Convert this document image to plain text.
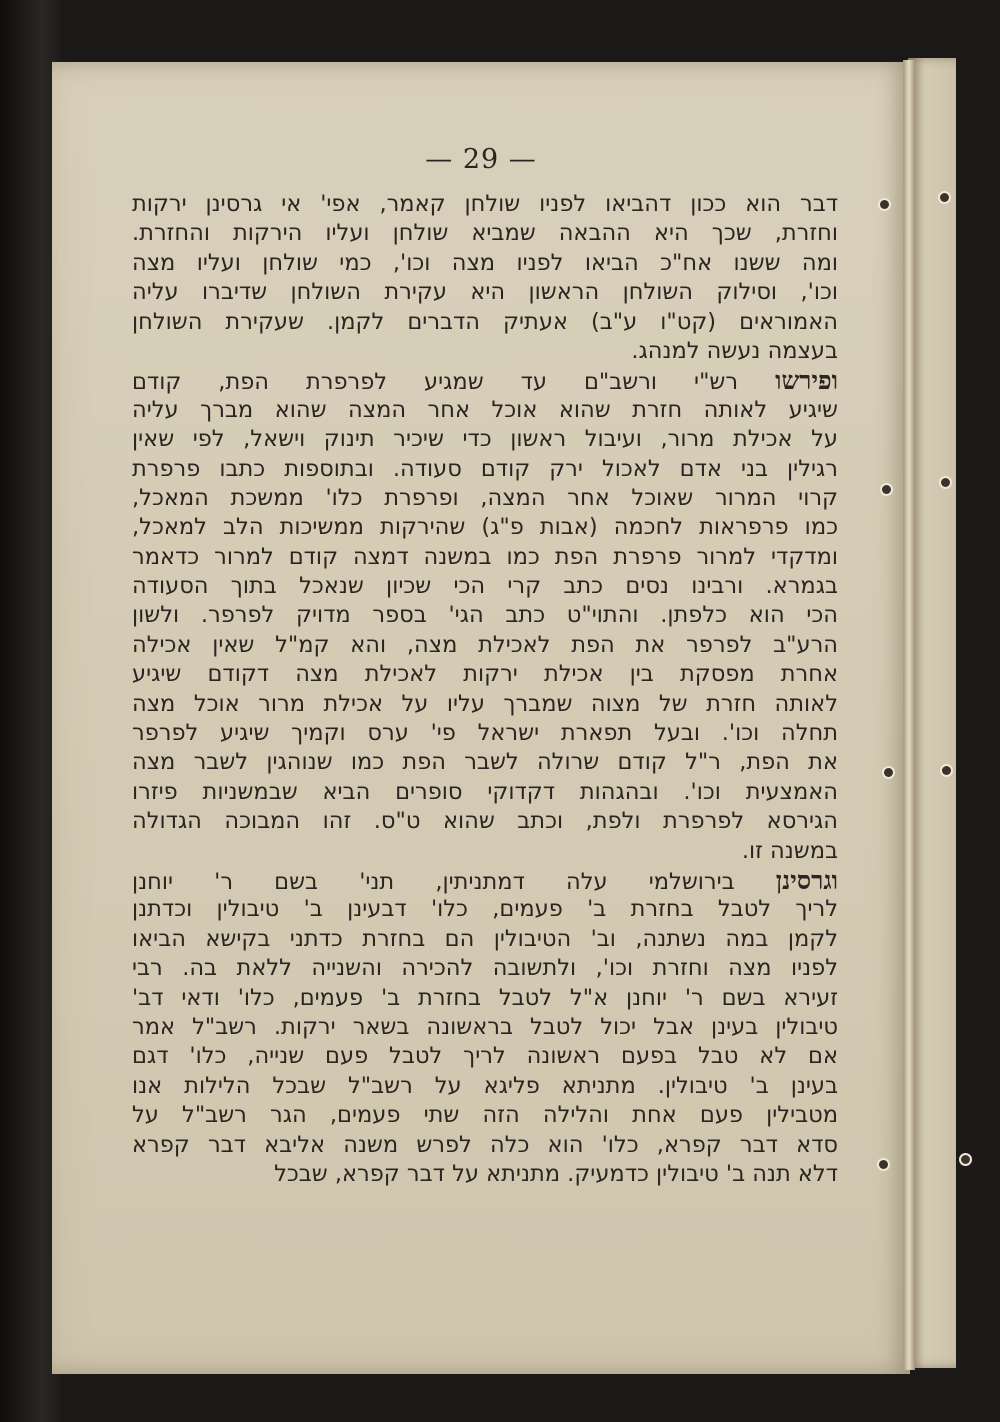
— 29 —
דבר הוא ככון דהביאו לפניו שולחן קאמר, אפי' אי גרסינן ירקות
וחזרת, שכך היא ההבאה שמביא שולחן ועליו הירקות והחזרת.
ומה ששנו אח"כ הביאו לפניו מצה וכו', כמי שולחן ועליו מצה
וכו', וסילוק השולחן הראשון היא עקירת השולחן שדיברו עליה
האמוראים (קט"ו ע"ב) אעתיק הדברים לקמן. שעקירת השולחן
בעצמה נעשה למנהג.
ופירשו רש"י ורשב"ם עד שמגיע לפרפרת הפת, קודם
שיגיע לאותה חזרת שהוא אוכל אחר המצה שהוא מברך עליה
על אכילת מרור, ועיבול ראשון כדי שיכיר תינוק וישאל, לפי שאין
רגילין בני אדם לאכול ירק קודם סעודה. ובתוספות כתבו פרפרת
קרוי המרור שאוכל אחר המצה, ופרפרת כלו' ממשכת המאכל,
כמו פרפראות לחכמה (אבות פ"ג) שהירקות ממשיכות הלב למאכל,
ומדקדי למרור פרפרת הפת כמו במשנה דמצה קודם למרור כדאמר
בגמרא. ורבינו נסים כתב קרי הכי שכיון שנאכל בתוך הסעודה
הכי הוא כלפתן. והתוי"ט כתב הגי' בספר מדויק לפרפר. ולשון
הרע"ב לפרפר את הפת לאכילת מצה, והא קמ"ל שאין אכילה
אחרת מפסקת בין אכילת ירקות לאכילת מצה דקודם שיגיע
לאותה חזרת של מצוה שמברך עליו על אכילת מרור אוכל מצה
תחלה וכו'. ובעל תפארת ישראל פי' ערס וקמיך שיגיע לפרפר
את הפת, ר"ל קודם שרולה לשבר הפת כמו שנוהגין לשבר מצה
האמצעית וכו'. ובהגהות דקדוקי סופרים הביא שבמשניות פיזרו
הגירסא לפרפרת ולפת, וכתב שהוא ט"ס. זהו המבוכה הגדולה
במשנה זו.
וגרסינן בירושלמי עלה דמתניתין, תני' בשם ר' יוחנן
לריך לטבל בחזרת ב' פעמים, כלו' דבעינן ב' טיבולין וכדתנן
לקמן במה נשתנה, וב' הטיבולין הם בחזרת כדתני בקישא הביאו
לפניו מצה וחזרת וכו', ולתשובה להכירה והשנייה ללאת בה. רבי
זעירא בשם ר' יוחנן א"ל לטבל בחזרת ב' פעמים, כלו' ודאי דב'
טיבולין בעינן אבל יכול לטבל בראשונה בשאר ירקות. רשב"ל אמר
אם לא טבל בפעם ראשונה לריך לטבל פעם שנייה, כלו' דגם
בעינן ב' טיבולין. מתניתא פליגא על רשב"ל שבכל הלילות אנו
מטבילין פעם אחת והלילה הזה שתי פעמים, הגר רשב"ל על
סדא דבר קפרא, כלו' הוא כלה לפרש משנה אליבא דבר קפרא
דלא תנה ב' טיבולין כדמעיק. מתניתא על דבר קפרא, שבכל
